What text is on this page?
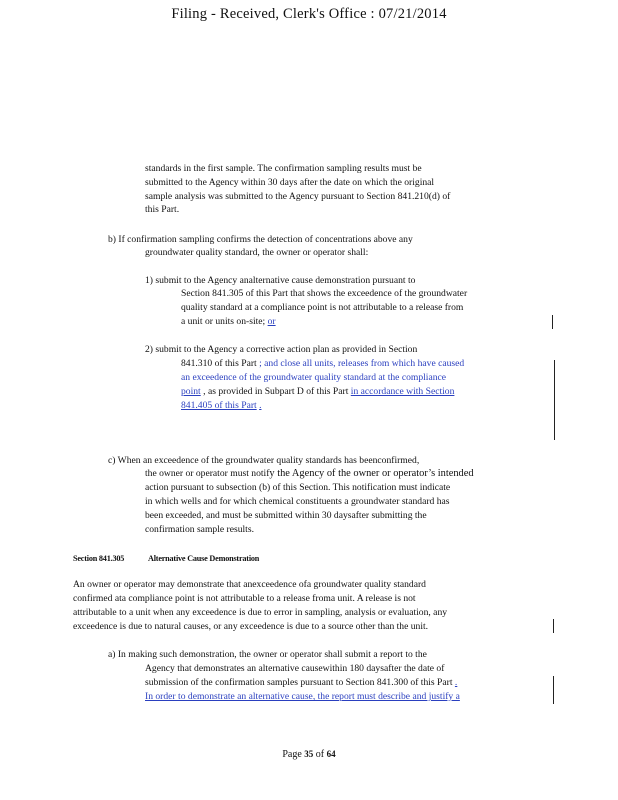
Filing - Received, Clerk's Office : 07/21/2014
standards in the first sample. The confirmation sampling results must be
submitted to the Agency within 30 days after the date on which the original
sample analysis was submitted to the Agency pursuant to Section 841.210(d) of
this Part.
b) If confirmation sampling confirms the detection of concentrations above any
groundwater quality standard, the owner or operator shall:
1) submit to the Agency analternative cause demonstration pursuant to
Section 841.305 of this Part that shows the exceedence of the groundwater
quality standard at a compliance point is not attributable to a release from
a unit or units on-site; or
2) submit to the Agency a corrective action plan as provided in Section
841.310 of this Part ; and close all units, releases from which have caused
an exceedence of the groundwater quality standard at the compliance
point , as provided in Subpart D of this Part in accordance with Section
841.405 of this Part .
c) When an exceedence of the groundwater quality standards has beenconfirmed,
the owner or operator must notify the Agency of the owner or operator’s intended
action pursuant to subsection (b) of this Section. This notification must indicate
in which wells and for which chemical constituents a groundwater standard has
been exceeded, and must be submitted within 30 daysafter submitting the
confirmation sample results.
Section 841.305	Alternative Cause Demonstration
An owner or operator may demonstrate that anexceedence ofa groundwater quality standard
confirmed ata compliance point is not attributable to a release froma unit. A release is not
attributable to a unit when any exceedence is due to error in sampling, analysis or evaluation, any
exceedence is due to natural causes, or any exceedence is due to a source other than the unit.
a) In making such demonstration, the owner or operator shall submit a report to the
Agency that demonstrates an alternative causewithin 180 daysafter the date of
submission of the confirmation samples pursuant to Section 841.300 of this Part .
In order to demonstrate an alternative cause, the report must describe and justify a
Page 35 of 64
